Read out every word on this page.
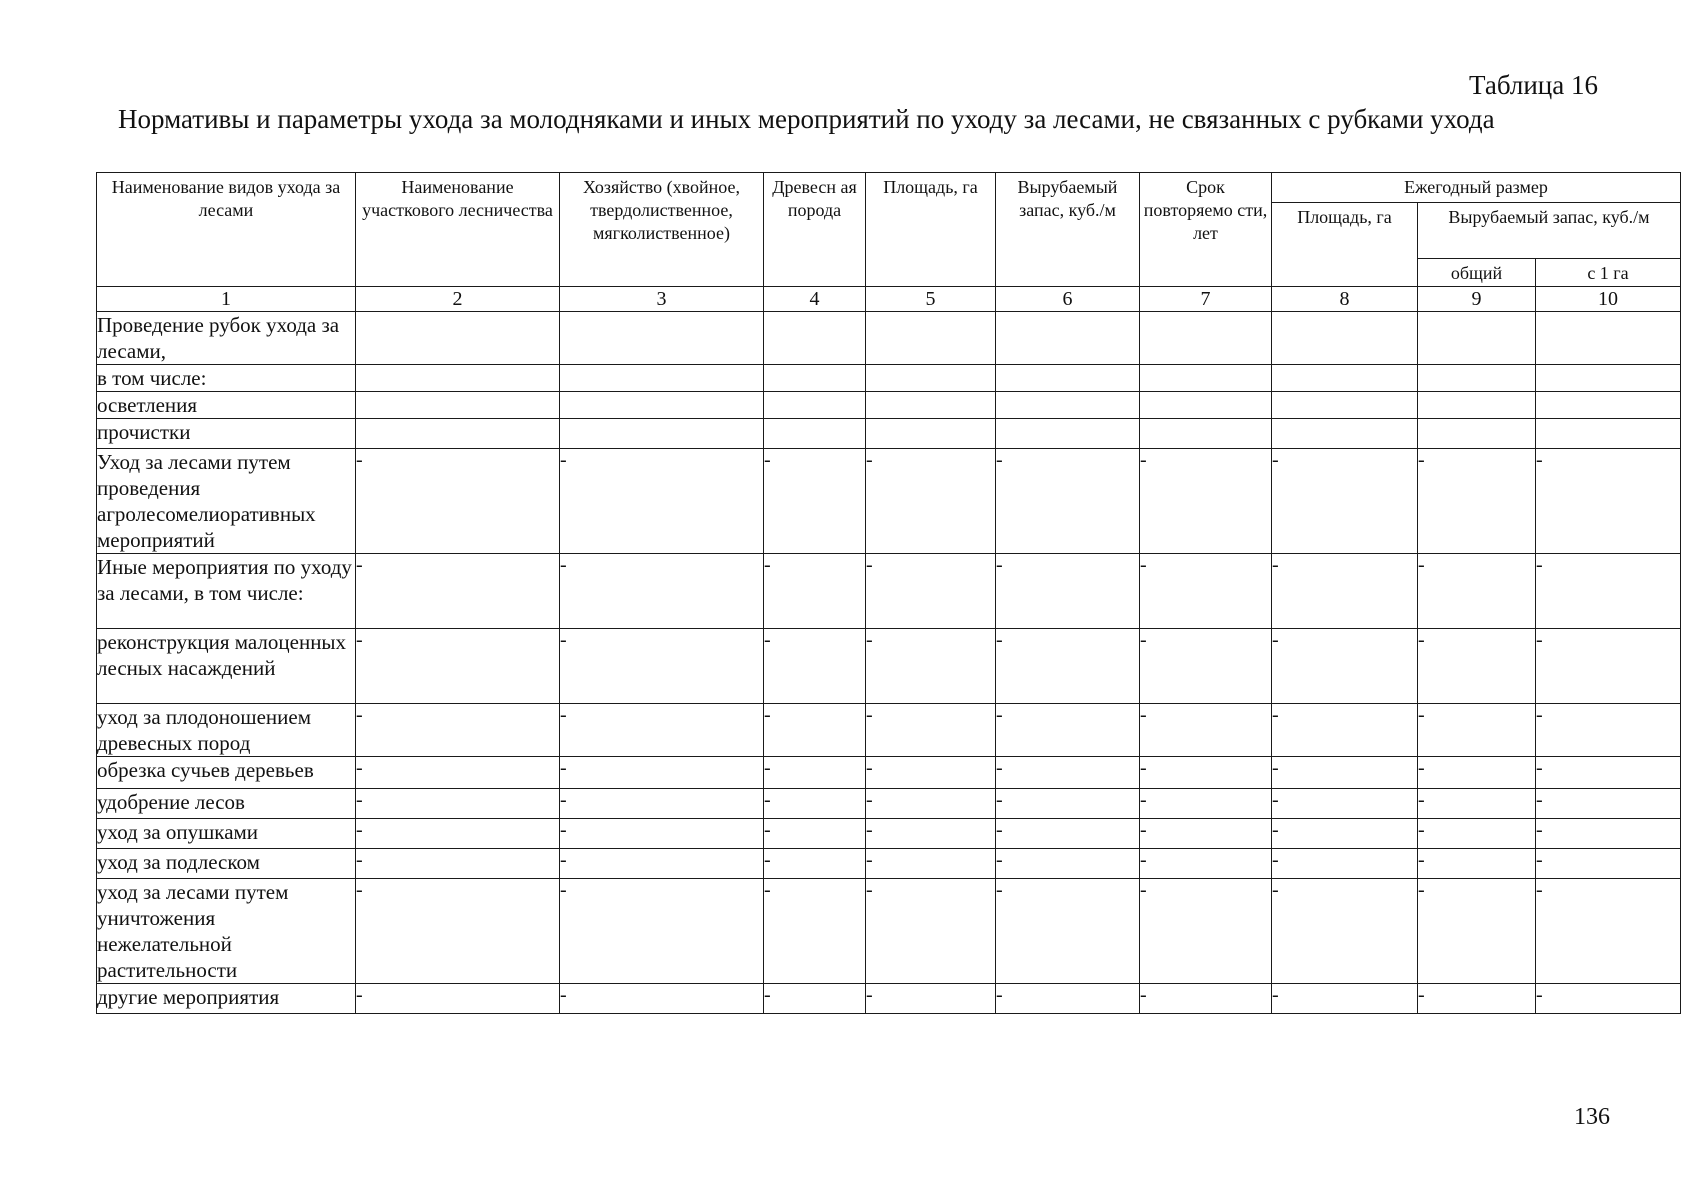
Таблица 16
Нормативы и параметры ухода за молодняками и иных мероприятий по уходу за лесами, не связанных с рубками ухода
Наименование видов ухода за лесами	Наименование участкового лесничества	Хозяйство (хвойное, твердолиственное, мягколиственное)	Древесн ая порода	Площадь, га	Вырубаемый запас, куб./м	Срок повторяемо сти, лет	Ежегодный размер		
							Площадь, га	Вырубаемый запас, куб./м	
								общий	с 1 га
1	2	3	4	5	6	7	8	9	10
Проведение рубок ухода за лесами,									
в том числе:									
осветления									
прочистки									
Уход за лесами путем проведения агролесомелиоративных мероприятий	-	-	-	-	-	-	-	-	-
Иные мероприятия по уходу за лесами, в том числе:	-	-	-	-	-	-	-	-	-
реконструкция малоценных лесных насаждений	-	-	-	-	-	-	-	-	-
уход за плодоношением древесных пород	-	-	-	-	-	-	-	-	-
обрезка сучьев деревьев	-	-	-	-	-	-	-	-	-
удобрение лесов	-	-	-	-	-	-	-	-	-
уход за опушками	-	-	-	-	-	-	-	-	-
уход за подлеском	-	-	-	-	-	-	-	-	-
уход за лесами путем уничтожения нежелательной растительности	-	-	-	-	-	-	-	-	-
другие мероприятия	-	-	-	-	-	-	-	-	-
136
